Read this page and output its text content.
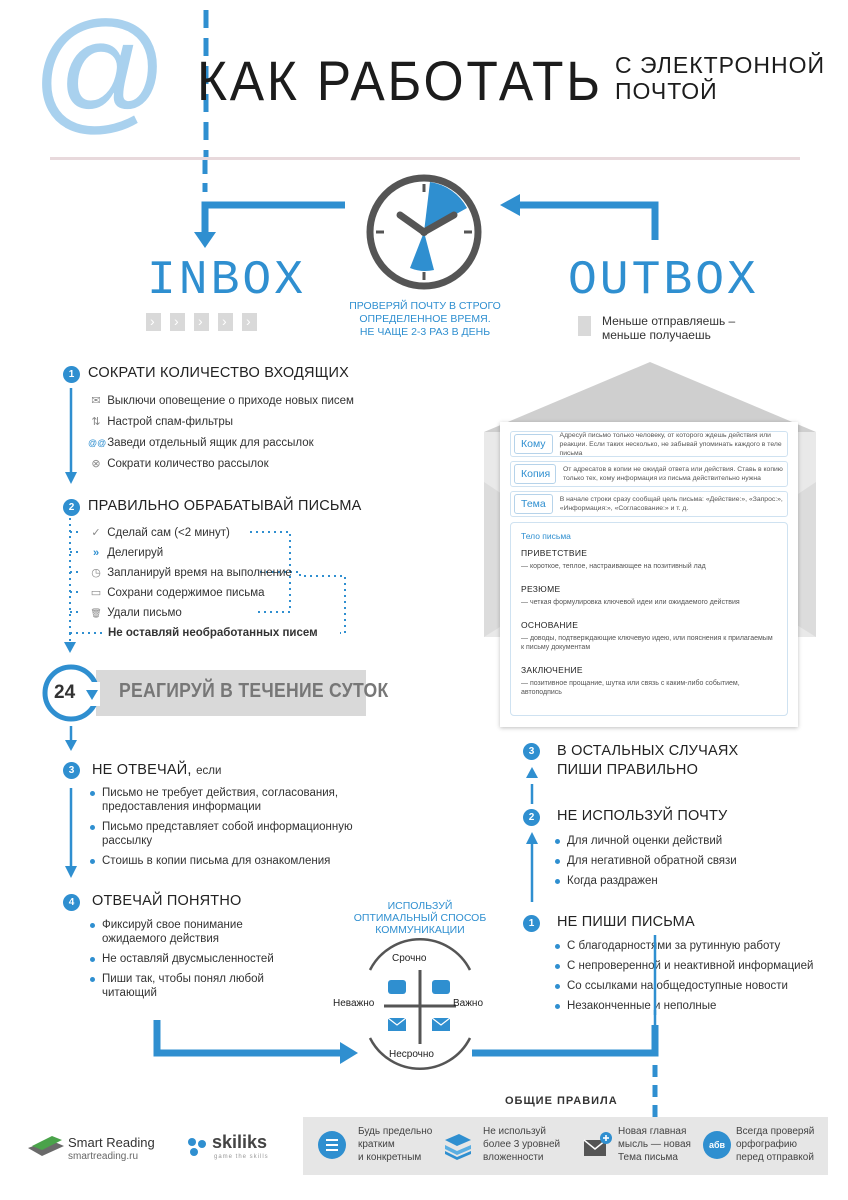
@ КАК РАБОТАТЬ С ЭЛЕКТРОННОЙ
ПОЧТОЙ
ПРОВЕРЯЙ ПОЧТУ В СТРОГО
ОПРЕДЕЛЕННОЕ ВРЕМЯ.
НЕ ЧАЩЕ 2-3 РАЗ В ДЕНЬ
INBOX
›››››	OUTBOX
Меньше отправляешь –
меньше получаешь
1 СОКРАТИ КОЛИЧЕСТВО ВХОДЯЩИХ
✉ Выключи оповещение о приходе новых писем
⇅ Настрой спам-фильтры
@@ Заведи отдельный ящик для рассылок
⊗ Сократи количество рассылок
2 ПРАВИЛЬНО ОБРАБАТЫВАЙ ПИСЬМА
✓ Сделай сам (<2 минут)
» Делегируй
◷ Запланируй время на выполнение
▭ Сохрани содержимое письма
🗑 Удали письмо
Не оставляй необработанных писем
24 РЕАГИРУЙ В ТЕЧЕНИЕ СУТОК
3	НЕ ОТВЕЧАЙ, если
Письмо не требует действия, согласования, предоставления информации
Письмо представляет собой информационную рассылку
Стоишь в копии письма для ознакомления
4	ОТВЕЧАЙ ПОНЯТНО
Фиксируй свое понимание ожидаемого действия
Не оставляй двусмысленностей
Пиши так, чтобы понял любой читающий
Кому
Адресуй письмо только человеку, от которого ждешь действия или реакции. Если таких несколько, не забывай упоминать каждого в теле письма
Копия	От адресатов в копии не ожидай ответа или действия. Ставь в копию только тех, кому информация из письма действительно нужна
Тема	В начале строки сразу сообщай цель письма: «Действие:», «Запрос:», «Информация:», «Согласование:» и т. д.
Тело письма
ПРИВЕТСТВИЕ
— короткое, теплое, настраивающее на позитивный лад
РЕЗЮМЕ
— четкая формулировка ключевой идеи или ожидаемого действия
ОСНОВАНИЕ
— доводы, подтверждающие ключевую идею, или пояснения к прилагаемым к письму документам
ЗАКЛЮЧЕНИЕ
— позитивное прощание, шутка или связь с каким-либо событием, автоподпись
3	В ОСТАЛЬНЫХ СЛУЧАЯХ
ПИШИ ПРАВИЛЬНО
2	НЕ ИСПОЛЬЗУЙ ПОЧТУ
Для личной оценки действий
Для негативной обратной связи
Когда раздражен
1	НЕ ПИШИ ПИСЬМА
С благодарностями за рутинную работу
С непроверенной и неактивной информацией
Со ссылками на общедоступные новости
Незаконченные и неполные
ИСПОЛЬЗУЙ
ОПТИМАЛЬНЫЙ СПОСОБ
КОММУНИКАЦИИ
Срочно
Несрочно
Неважно	Важно
ОБЩИЕ ПРАВИЛА
Будь предельно
кратким
и конкретным
Не используй
более 3 уровней
вложенности
Новая главная
мысль — новая
Тема письма
абв
Всегда проверяй
орфографию
перед отправкой
Smart Reading
smartreading.ru
skiliks
game the skills
